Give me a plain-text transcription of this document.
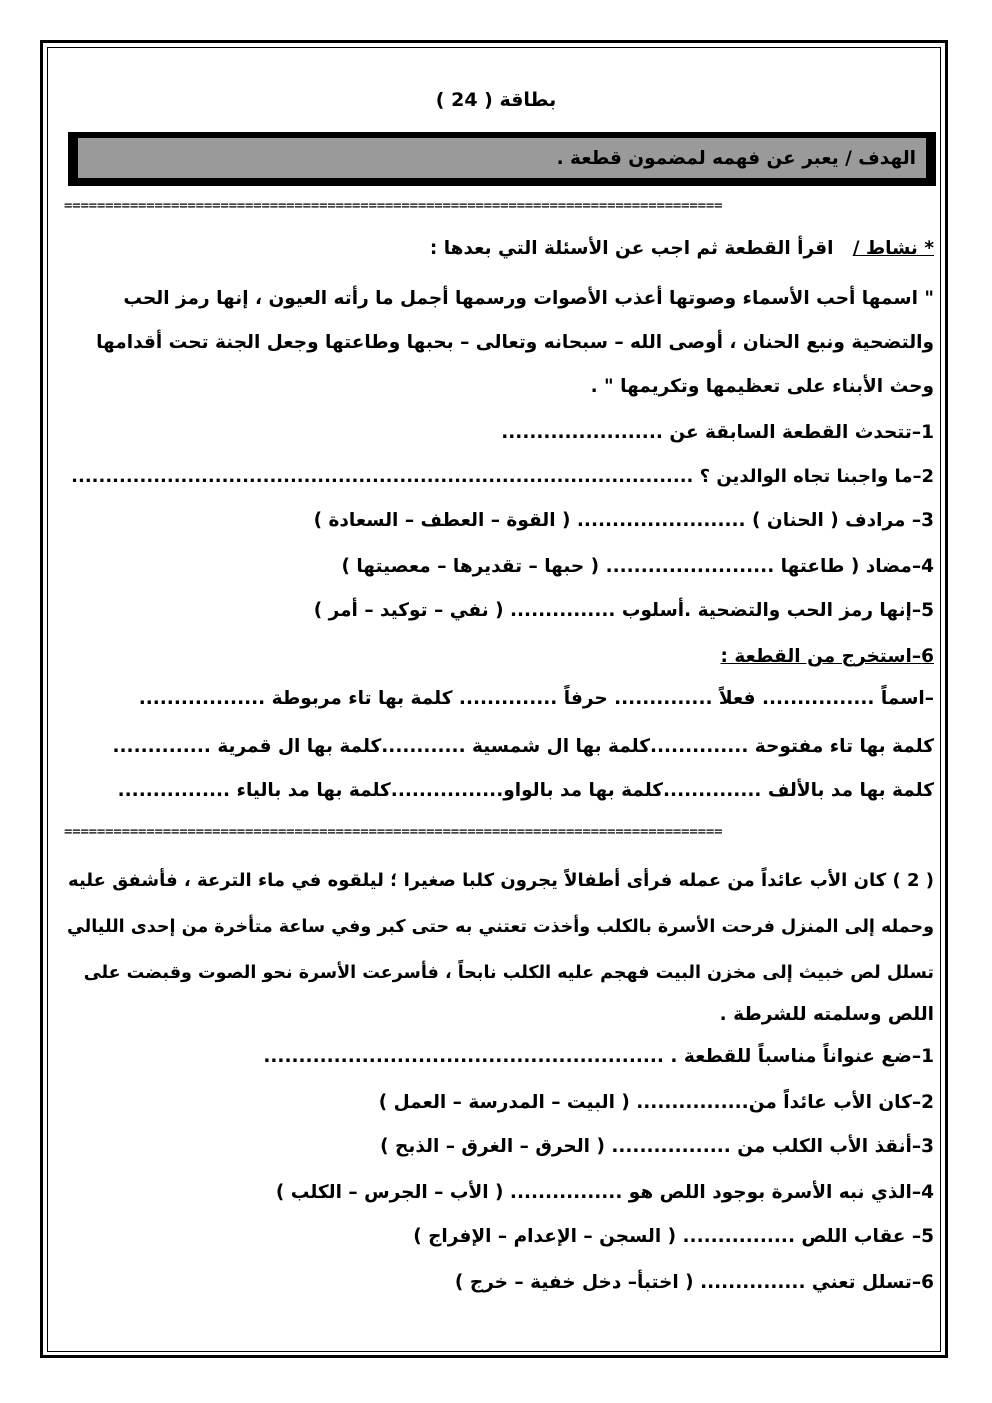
بطاقة ( 24 )
الهدف / يعبر عن فهمه لمضمون قطعة .
================================================================================
* نشاط /   اقرأ القطعة ثم اجب عن الأسئلة التي بعدها :
" اسمها أحب الأسماء وصوتها أعذب الأصوات ورسمها أجمل ما رأته العيون ، إنها رمز الحب
والتضحية ونبع الحنان ، أوصى الله – سبحانه وتعالى – بحبها وطاعتها وجعل الجنة تحت أقدامها
وحث الأبناء على تعظيمها وتكريمها " .
1–تتحدث القطعة السابقة عن .......................
2–ما واجبنا تجاه الوالدين ؟ ...........................................................................................
3– مرادف ( الحنان ) ........................ ( القوة – العطف – السعادة )
4–مضاد ( طاعتها ........................ ( حبها – تقديرها – معصيتها )
5–إنها رمز الحب والتضحية .أسلوب ............... ( نفي – توكيد – أمر )
6–استخرج من القطعة :
–اسماً ................ فعلاً .............. حرفاً .............. كلمة بها تاء مربوطة ..................
كلمة بها تاء مفتوحة ..............كلمة بها ال شمسية ............كلمة بها ال قمرية ..............
كلمة بها مد بالألف ..............كلمة بها مد بالواو................كلمة بها مد بالياء ................
================================================================================
( 2 ) كان الأب عائداً من عمله فرأى أطفالاً يجرون كلبا صغيرا ؛ ليلقوه في ماء الترعة ، فأشفق عليه
وحمله إلى المنزل فرحت الأسرة بالكلب وأخذت تعتني به حتى كبر وفي ساعة متأخرة من إحدى الليالي
تسلل لص خبيث إلى مخزن البيت فهجم عليه الكلب نابحاً ، فأسرعت الأسرة نحو الصوت وقبضت على
اللص وسلمته للشرطة .
1–ضع عنواناً مناسباً للقطعة . .........................................................
2–كان الأب عائداً من................ ( البيت – المدرسة – العمل )
3–أنقذ الأب الكلب من ................. ( الحرق – الغرق – الذبح )
4–الذي نبه الأسرة بوجود اللص هو ................ ( الأب – الجرس – الكلب )
5– عقاب اللص ................ ( السجن – الإعدام – الإفراج )
6–تسلل تعني ............... ( اختبأ– دخل خفية – خرج )
